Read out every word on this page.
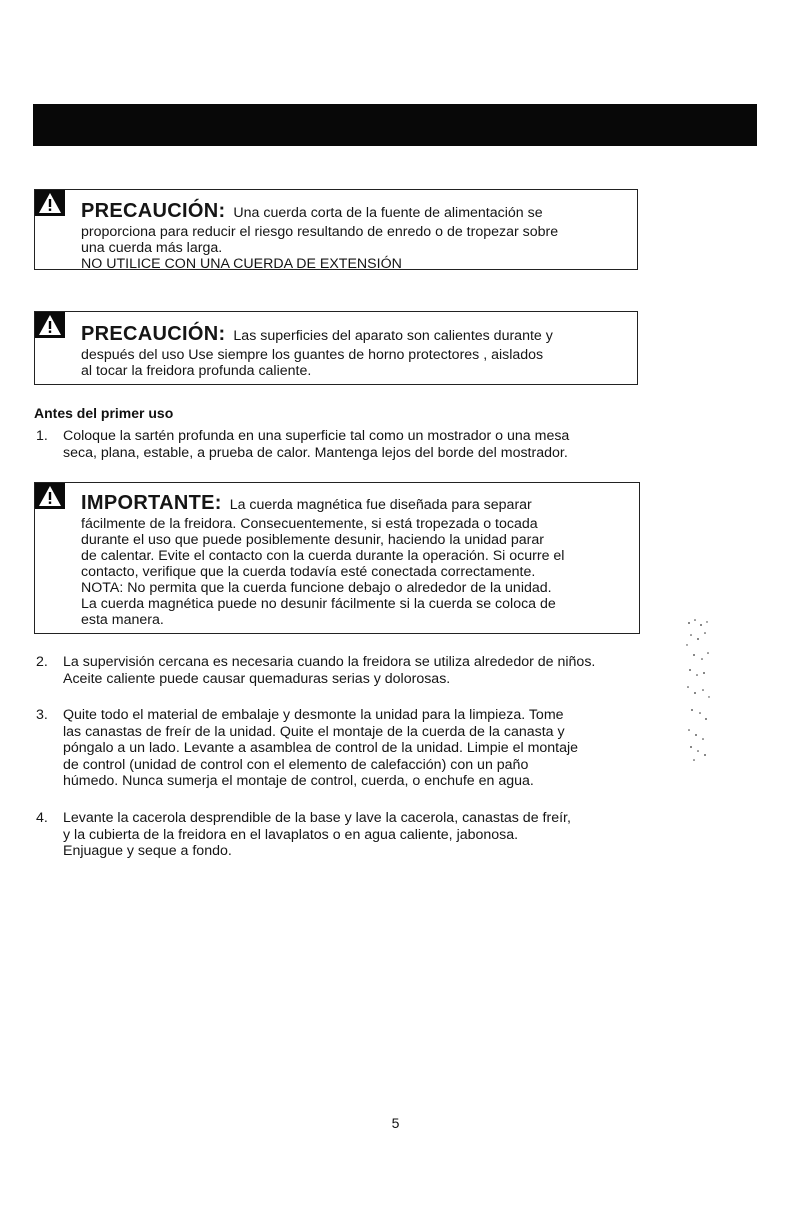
PRECAUCIÓN: Una cuerda corta de la fuente de alimentación se
proporciona para reducir el riesgo resultando de enredo o de tropezar sobre
una cuerda más larga.
NO UTILICE CON UNA CUERDA DE EXTENSIÓN
PRECAUCIÓN: Las superficies del aparato son calientes durante y
después del uso Use siempre los guantes de horno protectores , aislados
al tocar la freidora profunda caliente.
Antes del primer uso
1. Coloque la sartén profunda en una superficie tal como un mostrador o una mesa
seca, plana, estable, a prueba de calor. Mantenga lejos del borde del mostrador.
IMPORTANTE: La cuerda magnética fue diseñada para separar
fácilmente de la freidora. Consecuentemente, si está tropezada o tocada
durante el uso que puede posiblemente desunir, haciendo la unidad parar
de calentar. Evite el contacto con la cuerda durante la operación. Si ocurre el
contacto, verifique que la cuerda todavía esté conectada correctamente.
NOTA: No permita que la cuerda funcione debajo o alrededor de la unidad.
La cuerda magnética puede no desunir fácilmente si la cuerda se coloca de
esta manera.
2. La supervisión cercana es necesaria cuando la freidora se utiliza alrededor de niños.
Aceite caliente puede causar quemaduras serias y dolorosas.
3. Quite todo el material de embalaje y desmonte la unidad para la limpieza. Tome
las canastas de freír de la unidad. Quite el montaje de la cuerda de la canasta y
póngalo a un lado. Levante a asamblea de control de la unidad. Limpie el montaje
de control (unidad de control con el elemento de calefacción) con un paño
húmedo. Nunca sumerja el montaje de control, cuerda, o enchufe en agua.
4. Levante la cacerola desprendible de la base y lave la cacerola, canastas de freír,
y la cubierta de la freidora en el lavaplatos o en agua caliente, jabonosa.
Enjuague y seque a fondo.
5
